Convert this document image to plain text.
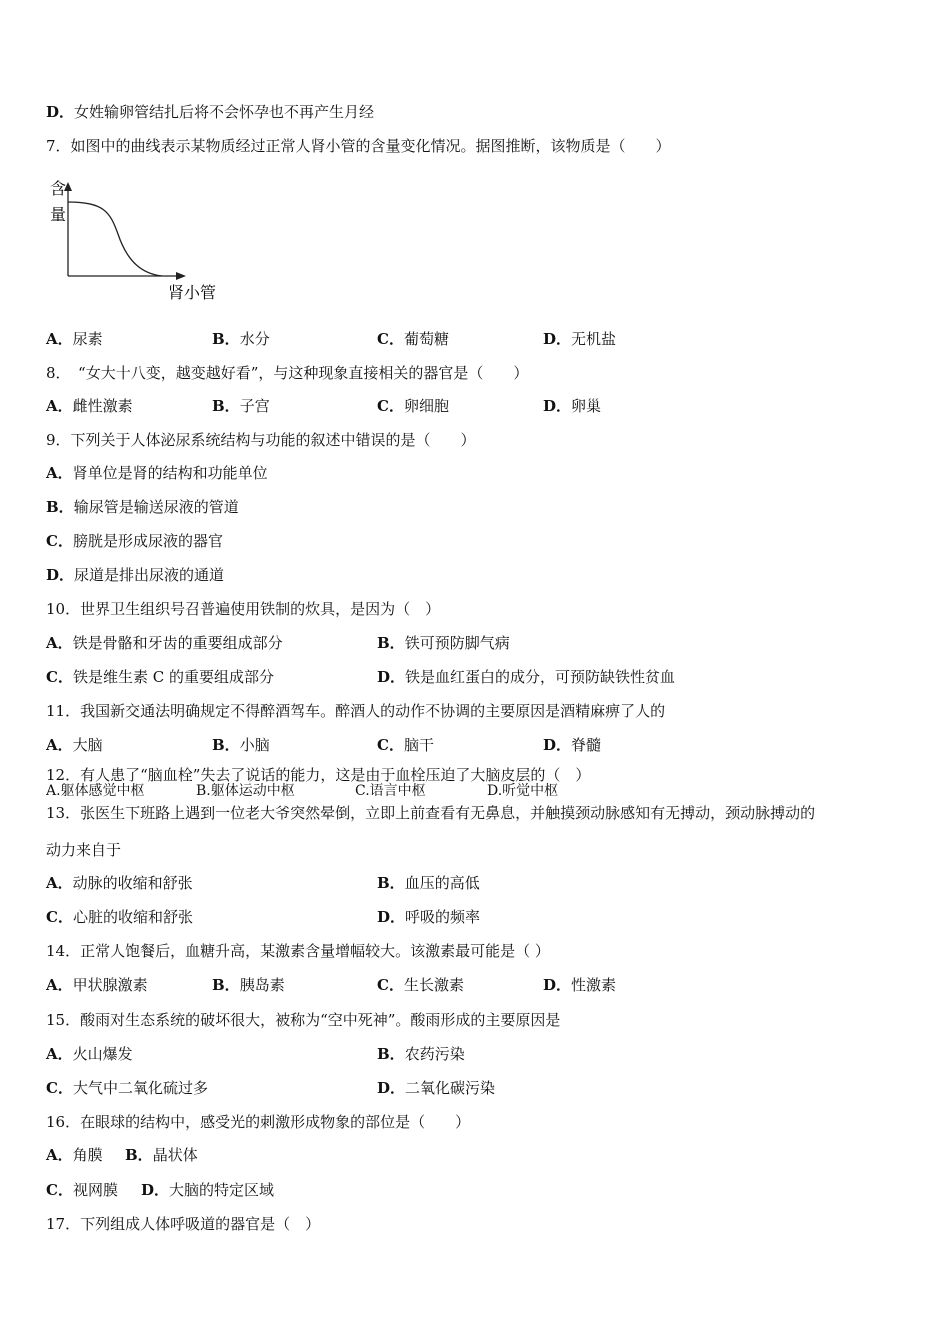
D．女姓输卵管结扎后将不会怀孕也不再产生月经
7．如图中的曲线表示某物质经过正常人肾小管的含量变化情况。据图推断，该物质是（　　）
含
量
肾小管
A．尿素	B．水分	C．葡萄糖	D．无机盐
8．　“女大十八变，越变越好看”，与这种现象直接相关的器官是（　　）
A．雌性激素	B．子宫	C．卵细胞	D．卵巢
9．下列关于人体泌尿系统结构与功能的叙述中错误的是（　　）
A．肾单位是肾的结构和功能单位
B．输尿管是输送尿液的管道
C．膀胱是形成尿液的器官
D．尿道是排出尿液的通道
10．世界卫生组织号召普遍使用铁制的炊具，是因为（　）
A．铁是骨骼和牙齿的重要组成部分	B．铁可预防脚气病
C．铁是维生素 C 的重要组成部分	D．铁是血红蛋白的成分，可预防缺铁性贫血
11．我国新交通法明确规定不得醉酒驾车。醉酒人的动作不协调的主要原因是酒精麻痹了人的
A．大脑	B．小脑	C．脑干	D．脊髓
12．有人患了“脑血栓”失去了说话的能力，这是由于血栓压迫了大脑皮层的（　）
A.躯体感觉中枢	B.躯体运动中枢	C.语言中枢	D.听觉中枢
13．张医生下班路上遇到一位老大爷突然晕倒，立即上前查看有无鼻息，并触摸颈动脉感知有无搏动，颈动脉搏动的
动力来自于
A．动脉的收缩和舒张	B．血压的高低
C．心脏的收缩和舒张	D．呼吸的频率
14．正常人饱餐后，血糖升高，某激素含量增幅较大。该激素最可能是（ ）
A．甲状腺激素	B．胰岛素	C．生长激素	D．性激素
15．酸雨对生态系统的破坏很大，被称为“空中死神”。酸雨形成的主要原因是
A．火山爆发	B．农药污染
C．大气中二氧化硫过多	D．二氧化碳污染
16．在眼球的结构中，感受光的刺激形成物象的部位是（　　）
A．角膜 B．晶状体
C．视网膜 D．大脑的特定区域
17．下列组成人体呼吸道的器官是（　）
